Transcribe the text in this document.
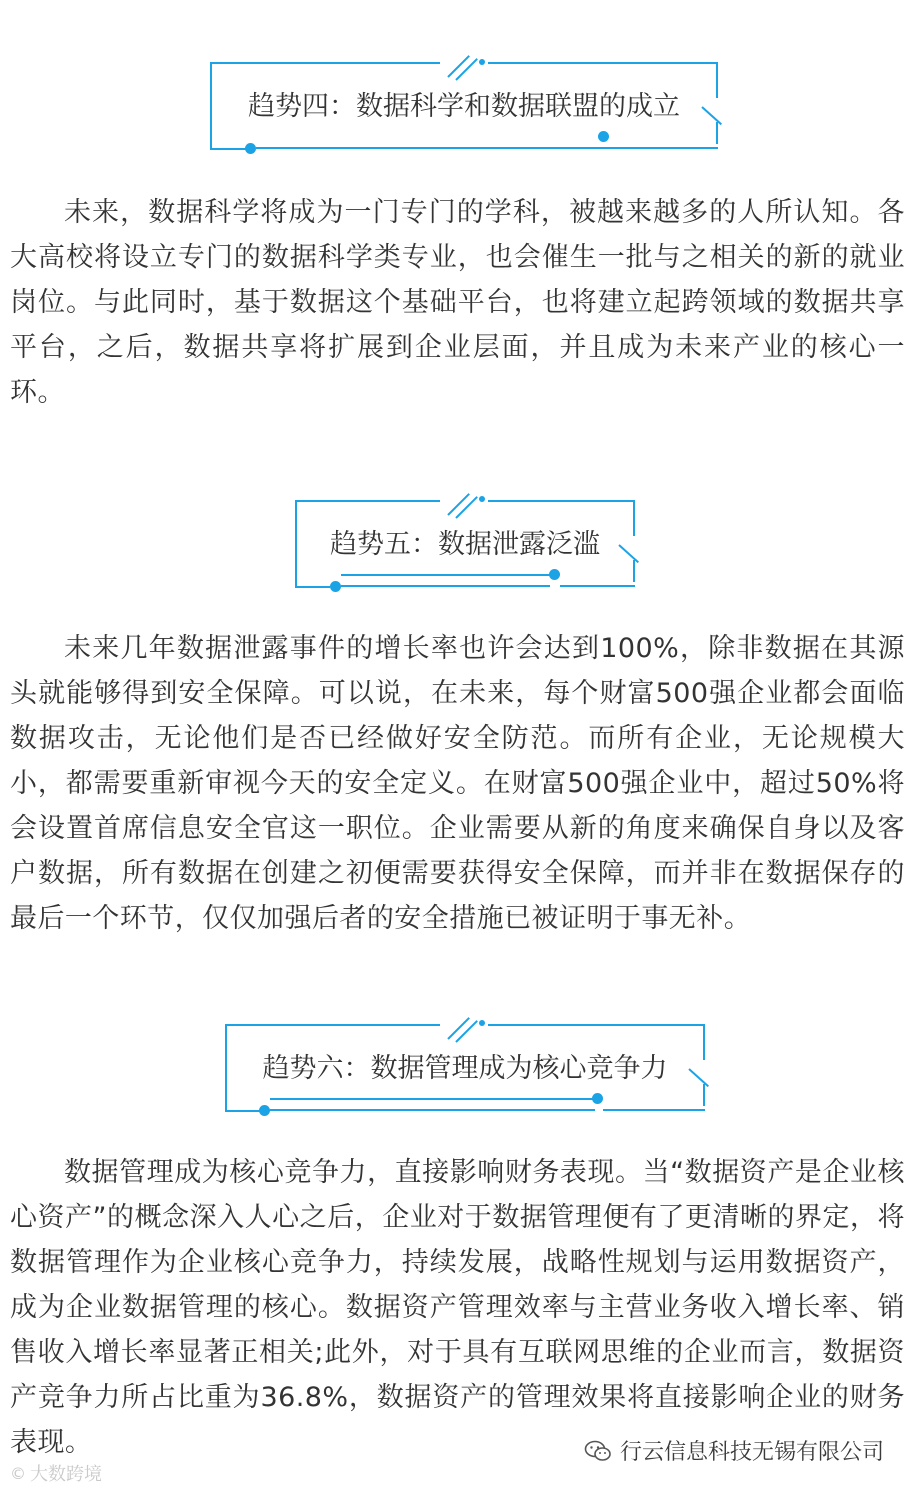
趋势四：数据科学和数据联盟的成立

未来，数据科学将成为一门专门的学科，被越来越多的人所认知。各大高校将设立专门的数据科学类专业，也会催生一批与之相关的新的就业岗位。与此同时，基于数据这个基础平台，也将建立起跨领域的数据共享平台，之后，数据共享将扩展到企业层面，并且成为未来产业的核心一环。

趋势五：数据泄露泛滥

未来几年数据泄露事件的增长率也许会达到100%，除非数据在其源头就能够得到安全保障。可以说，在未来，每个财富500强企业都会面临数据攻击，无论他们是否已经做好安全防范。而所有企业，无论规模大小，都需要重新审视今天的安全定义。在财富500强企业中，超过50%将会设置首席信息安全官这一职位。企业需要从新的角度来确保自身以及客户数据，所有数据在创建之初便需要获得安全保障，而并非在数据保存的最后一个环节，仅仅加强后者的安全措施已被证明于事无补。

趋势六：数据管理成为核心竞争力

数据管理成为核心竞争力，直接影响财务表现。当“数据资产是企业核心资产”的概念深入人心之后，企业对于数据管理便有了更清晰的界定，将数据管理作为企业核心竞争力，持续发展，战略性规划与运用数据资产，成为企业数据管理的核心。数据资产管理效率与主营业务收入增长率、销售收入增长率显著正相关;此外，对于具有互联网思维的企业而言，数据资产竞争力所占比重为36.8%，数据资产的管理效果将直接影响企业的财务表现。

© 大数跨境
行云信息科技无锡有限公司
